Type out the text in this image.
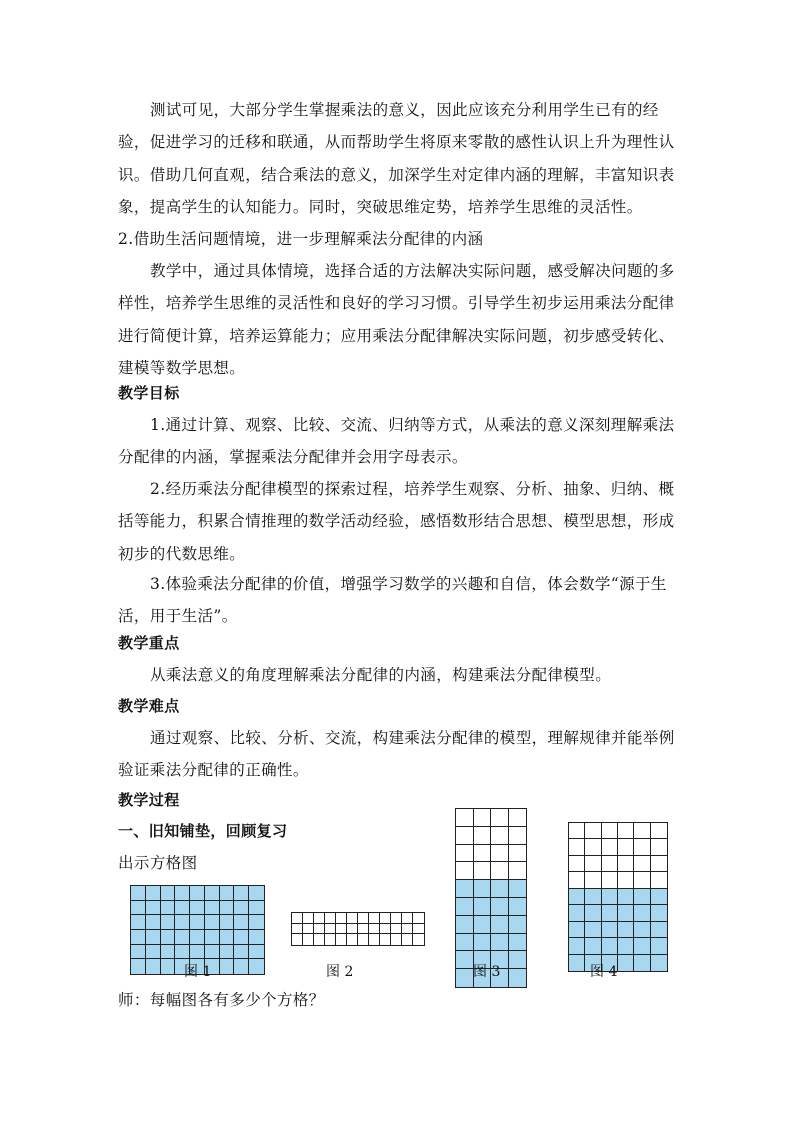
测试可见，大部分学生掌握乘法的意义，因此应该充分利用学生已有的经验，促进学习的迁移和联通，从而帮助学生将原来零散的感性认识上升为理性认识。借助几何直观，结合乘法的意义，加深学生对定律内涵的理解，丰富知识表象，提高学生的认知能力。同时，突破思维定势，培养学生思维的灵活性。

2.借助生活问题情境，进一步理解乘法分配律的内涵

教学中，通过具体情境，选择合适的方法解决实际问题，感受解决问题的多样性，培养学生思维的灵活性和良好的学习习惯。引导学生初步运用乘法分配律进行简便计算，培养运算能力；应用乘法分配律解决实际问题，初步感受转化、建模等数学思想。

教学目标

1.通过计算、观察、比较、交流、归纳等方式，从乘法的意义深刻理解乘法分配律的内涵，掌握乘法分配律并会用字母表示。

2.经历乘法分配律模型的探索过程，培养学生观察、分析、抽象、归纳、概括等能力，积累合情推理的数学活动经验，感悟数形结合思想、模型思想，形成初步的代数思维。

3.体验乘法分配律的价值，增强学习数学的兴趣和自信，体会数学“源于生活，用于生活”。

教学重点

从乘法意义的角度理解乘法分配律的内涵，构建乘法分配律模型。

教学难点

通过观察、比较、分析、交流，构建乘法分配律的模型，理解规律并能举例验证乘法分配律的正确性。

教学过程

一、旧知铺垫，回顾复习

出示方格图

图 1	图 2	图 3	图 4

师：每幅图各有多少个方格？
